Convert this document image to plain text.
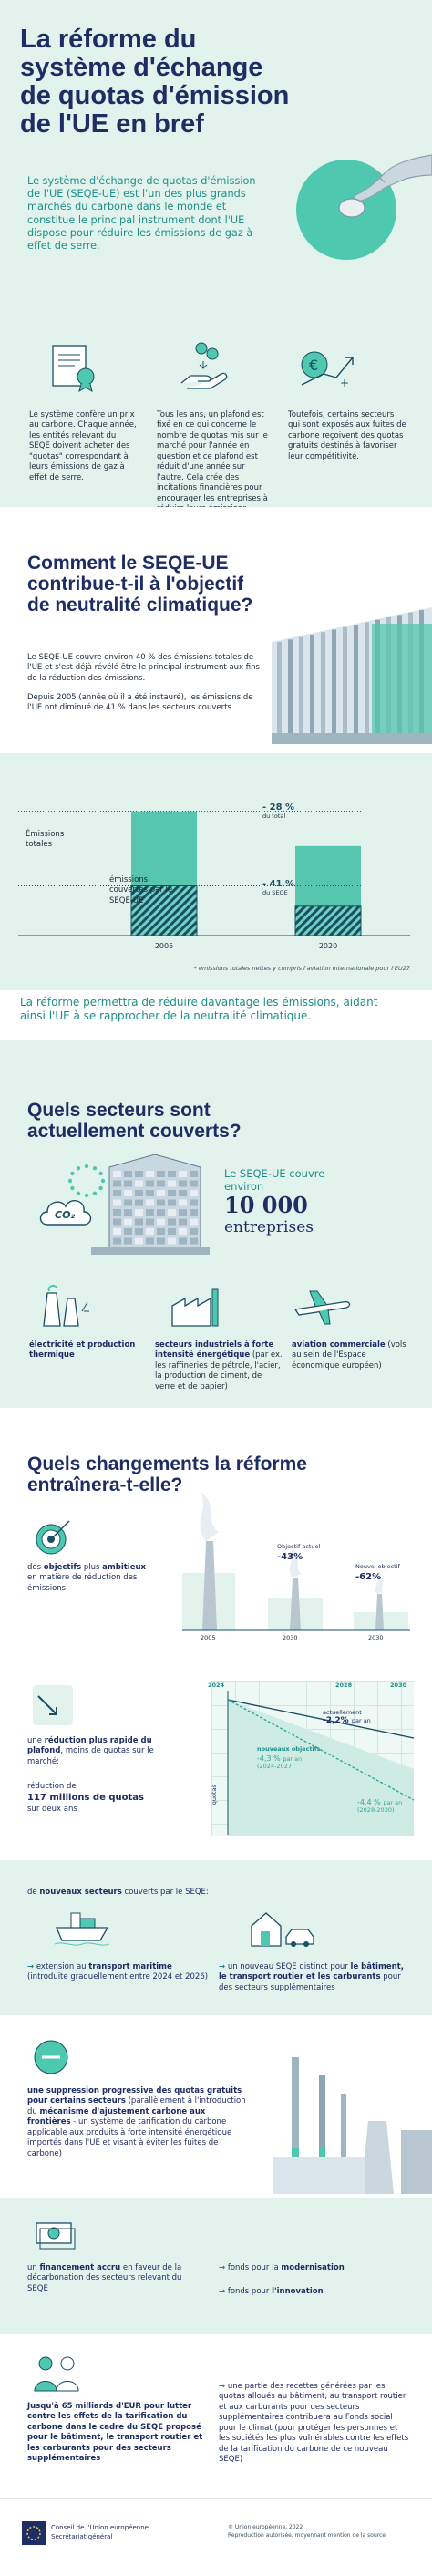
La réforme du système d'échange de quotas d'émission de l'UE en bref
Le système d'échange de quotas d'émission de l'UE (SEQE-UE) est l'un des plus grands marchés du carbone dans le monde et constitue le principal instrument dont l'UE dispose pour réduire les émissions de gaz à effet de serre.
€
+
Le système confère un prix au carbone. Chaque année, les entités relevant du SEQE doivent acheter des "quotas" correspondant à leurs émissions de gaz à effet de serre.
Tous les ans, un plafond est fixé en ce qui concerne le nombre de quotas mis sur le marché pour l'année en question et ce plafond est réduit d'une année sur l'autre. Cela crée des incitations financières pour encourager les entreprises à
Toutefois, certains secteurs qui sont exposés aux fuites de carbone reçoivent des quotas gratuits destinés à favoriser leur compétitivité.
Comment le SEQE-UE contribue-t-il à l'objectif de neutralité climatique?
Le SEQE-UE couvre environ 40 % des émissions totales de l'UE et s'est déjà révélé être le principal instrument aux fins de la réduction des émissions.
Depuis 2005 (année où il a été instauré), les émissions de l'UE ont diminué de 41 % dans les secteurs couverts.
2005	2020
Émissions totales
émissions couvertes par le SEQE-UE
- 28 %
du total
- 41 %
du SEQE
* émissions totales nettes y compris l'aviation internationale pour l'EU27
La réforme permettra de réduire davantage les émissions, aidant ainsi l'UE à se rapprocher de la neutralité climatique.
Quels secteurs sont actuellement couverts?
CO₂
Le SEQE-UE couvre environ
10 000
entreprises
électricité et production thermique
secteurs industriels à forte intensité énergétique (par ex. les raffineries de pétrole, l'acier, la production de ciment, de verre et de papier)
aviation commerciale (vols au sein de l'Espace économique européen)
Quels changements la réforme entraînera-t-elle?
des objectifs plus ambitieux en matière de réduction des émissions
Objectif actuel
-43%
Nouvel objectif
-62%
2005	2030	2030
une réduction plus rapide du plafond, moins de quotas sur le marché:
réduction de
117 millions de quotas
sur deux ans
2024	2028	2030
actuellement
-2,2% par an
nouveaux objectifs
-4,3 % par an
(2024-2027)
-4,4 % par an
(2028-2030)
quotas
de nouveaux secteurs couverts par le SEQE:
→ extension au transport maritime (introduite graduellement entre 2024 et 2026)
→ un nouveau SEQE distinct pour le bâtiment, le transport routier et les carburants pour des secteurs supplémentaires
une suppression progressive des quotas gratuits pour certains secteurs (parallèlement à l'introduction du mécanisme d'ajustement carbone aux frontières - un système de tarification du carbone applicable aux produits à forte intensité énergétique importés dans l'UE et visant à éviter les fuites de carbone)
un financement accru en faveur de la décarbonation des secteurs relevant du SEQE
→ fonds pour la modernisation
→ fonds pour l'innovation
Jusqu'à 65 milliards d'EUR pour lutter contre les effets de la tarification du carbone dans le cadre du SEQE proposé pour le bâtiment, le transport routier et les carburants pour des secteurs supplémentaires
→ une partie des recettes générées par les quotas alloués au bâtiment, au transport routier et aux carburants pour des secteurs supplémentaires contribuera au Fonds social pour le climat (pour protéger les personnes et les sociétés les plus vulnérables contre les effets de la tarification du carbone de ce nouveau SEQE)
Conseil de l'Union européenne
Secrétariat général
© Union européenne, 2022
Reproduction autorisée, moyennant mention de la source
